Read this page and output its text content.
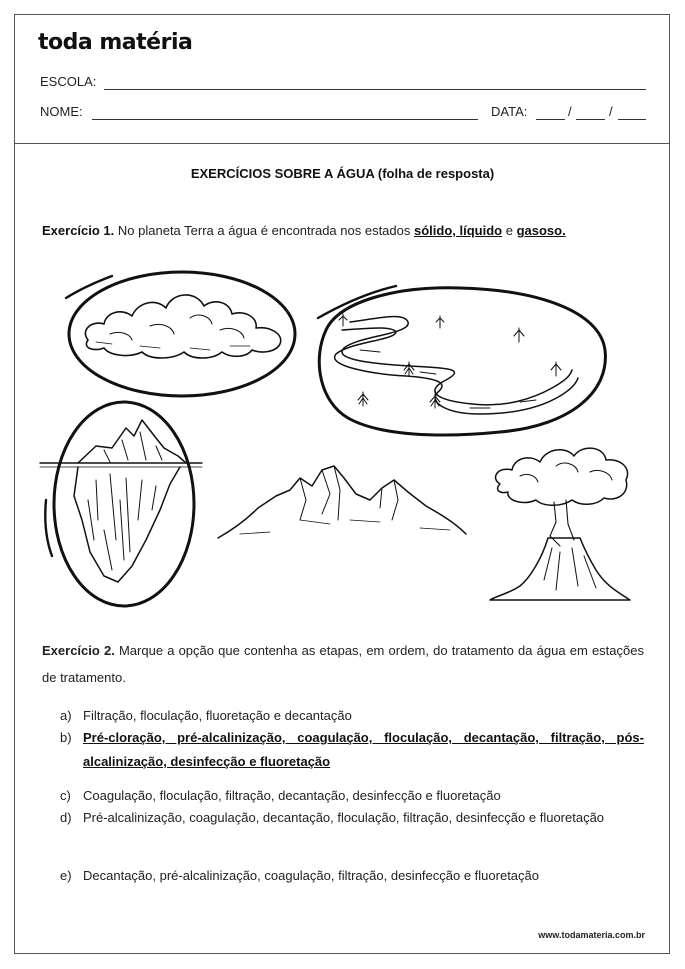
toda matéria
ESCOLA:
NOME:	DATA:	/	/
EXERCÍCIOS SOBRE A ÁGUA (folha de resposta)
Exercício 1. No planeta Terra a água é encontrada nos estados sólido, líquido e gasoso.
Exercício 2. Marque a opção que contenha as etapas, em ordem, do tratamento da água em estações de tratamento.
a) Filtração, floculação, fluoretação e decantação
b) Pré-cloração, pré-alcalinização, coagulação, floculação, decantação, filtração, pós-alcalinização, desinfecção e fluoretação
c) Coagulação, floculação, filtração, decantação, desinfecção e fluoretação
d) Pré-alcalinização, coagulação, decantação, floculação, filtração, desinfecção e fluoretação
e) Decantação, pré-alcalinização, coagulação, filtração, desinfecção e fluoretação
www.todamateria.com.br
